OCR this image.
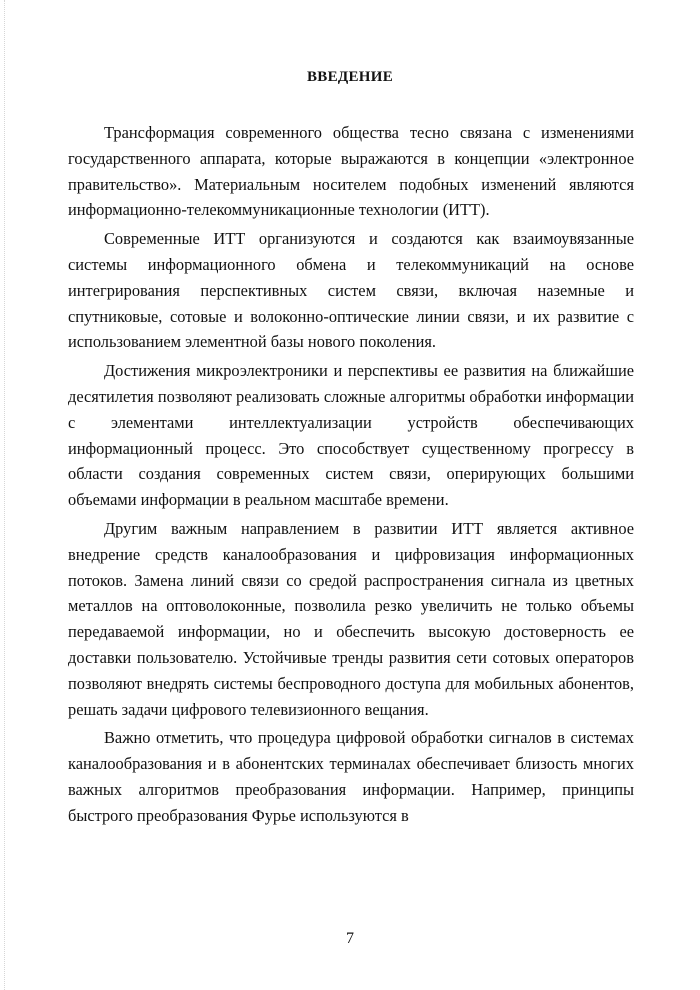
ВВЕДЕНИЕ

Трансформация современного общества тесно связана с изменениями государственного аппарата, которые выражаются в концепции «электронное правительство». Материальным носителем подобных изменений являются информационно-телекоммуникационные технологии (ИТТ).

Современные ИТТ организуются и создаются как взаимоувязанные системы информационного обмена и телекоммуникаций на основе интегрирования перспективных систем связи, включая наземные и спутниковые, сотовые и волоконно-оптические линии связи, и их развитие с использованием элементной базы нового поколения.

Достижения микроэлектроники и перспективы ее развития на ближайшие десятилетия позволяют реализовать сложные алгоритмы обработки информации с элементами интеллектуализации устройств обеспечивающих информационный процесс. Это способствует существенному прогрессу в области создания современных систем связи, оперирующих большими объемами информации в реальном масштабе времени.

Другим важным направлением в развитии ИТТ является активное внедрение средств каналообразования и цифровизация информационных потоков. Замена линий связи со средой распространения сигнала из цветных металлов на оптоволоконные, позволила резко увеличить не только объемы передаваемой информации, но и обеспечить высокую достоверность ее доставки пользователю. Устойчивые тренды развития сети сотовых операторов позволяют внедрять системы беспроводного доступа для мобильных абонентов, решать задачи цифрового телевизионного вещания.

Важно отметить, что процедура цифровой обработки сигналов в системах каналообразования и в абонентских терминалах обеспечивает близость многих важных алгоритмов преобразования информации. Например, принципы быстрого преобразования Фурье используются в

7
